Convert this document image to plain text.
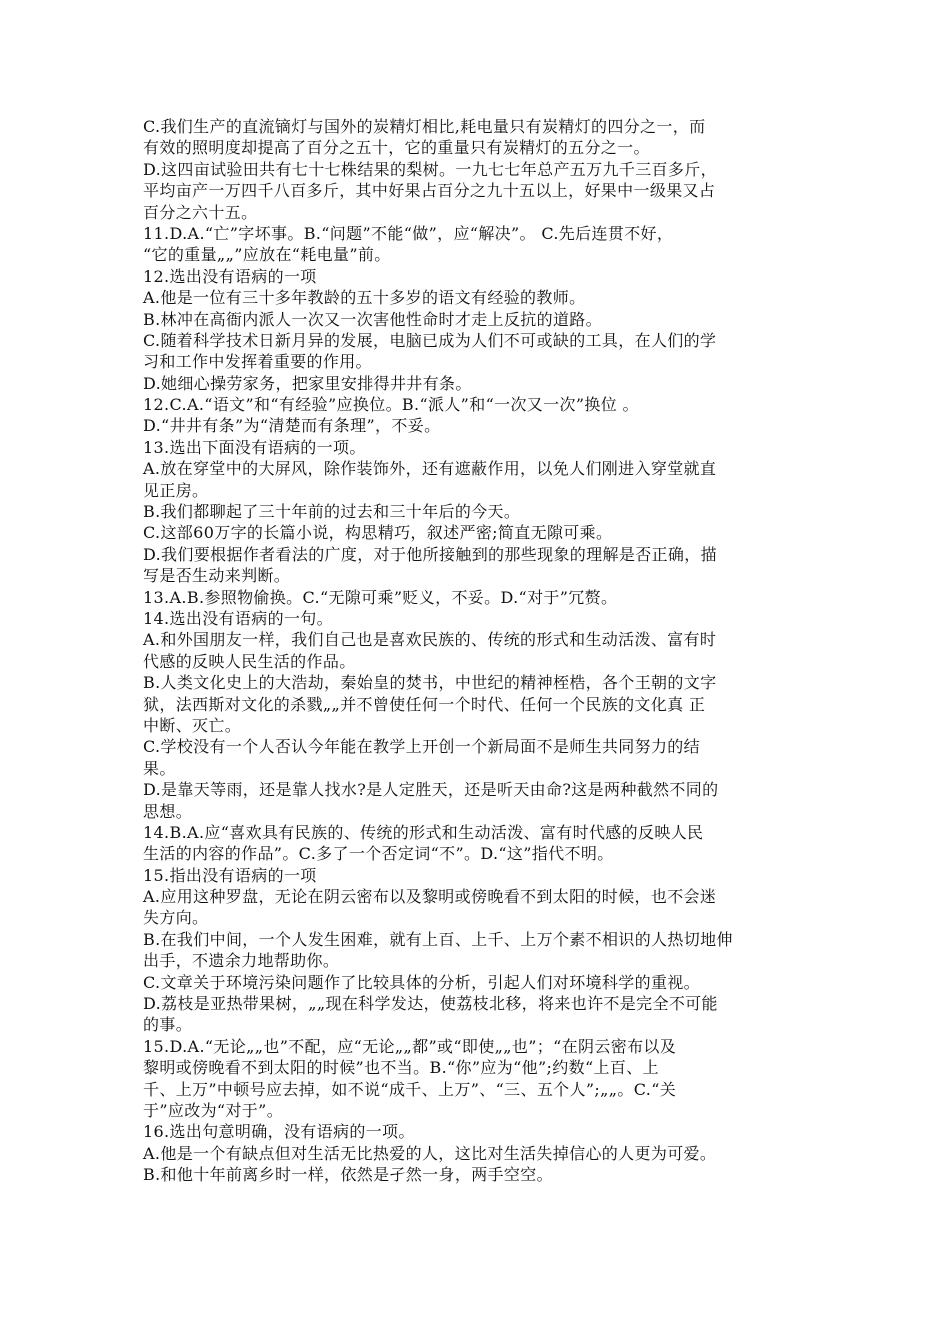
C.我们生产的直流镝灯与国外的炭精灯相比,耗电量只有炭精灯的四分之一，而
有效的照明度却提高了百分之五十，它的重量只有炭精灯的五分之一。
D.这四亩试验田共有七十七株结果的梨树。一九七七年总产五万九千三百多斤，
平均亩产一万四千八百多斤，其中好果占百分之九十五以上，好果中一级果又占
百分之六十五。
11.D.A.“亡”字坏事。B.“问题”不能“做”，应“解决”。 C.先后连贯不好，
“它的重量„„”应放在“耗电量”前。
12.选出没有语病的一项
A.他是一位有三十多年教龄的五十多岁的语文有经验的教师。
B.林冲在高衙内派人一次又一次害他性命时才走上反抗的道路。
C.随着科学技术日新月异的发展，电脑已成为人们不可或缺的工具，在人们的学
习和工作中发挥着重要的作用。
D.她细心操劳家务，把家里安排得井井有条。
12.C.A.“语文”和“有经验”应换位。B.“派人”和“一次又一次”换位 。
D.“井井有条”为“清楚而有条理”，不妥。
13.选出下面没有语病的一项。
A.放在穿堂中的大屏风，除作装饰外，还有遮蔽作用，以免人们刚进入穿堂就直
见正房。
B.我们都聊起了三十年前的过去和三十年后的今天。
C.这部60万字的长篇小说，构思精巧，叙述严密;简直无隙可乘。
D.我们要根据作者看法的广度，对于他所接触到的那些现象的理解是否正确，描
写是否生动来判断。
13.A.B.参照物偷换。C.“无隙可乘”贬义，不妥。D.“对于”冗赘。
14.选出没有语病的一句。
A.和外国朋友一样，我们自己也是喜欢民族的、传统的形式和生动活泼、富有时
代感的反映人民生活的作品。
B.人类文化史上的大浩劫，秦始皇的焚书，中世纪的精神桎梏，各个王朝的文字
狱，法西斯对文化的杀戮„„并不曾使任何一个时代、任何一个民族的文化真 正
中断、灭亡。
C.学校没有一个人否认今年能在教学上开创一个新局面不是师生共同努力的结
果。
D.是靠天等雨，还是靠人找水?是人定胜天，还是听天由命?这是两种截然不同的
思想。
14.B.A.应“喜欢具有民族的、传统的形式和生动活泼、富有时代感的反映人民
生活的内容的作品”。C.多了一个否定词“不”。D.“这”指代不明。
15.指出没有语病的一项
A.应用这种罗盘，无论在阴云密布以及黎明或傍晚看不到太阳的时候，也不会迷
失方向。
B.在我们中间，一个人发生困难，就有上百、上千、上万个素不相识的人热切地伸
出手，不遗余力地帮助你。
C.文章关于环境污染问题作了比较具体的分析，引起人们对环境科学的重视。
D.荔枝是亚热带果树，„„现在科学发达，使荔枝北移，将来也许不是完全不可能
的事。
15.D.A.“无论„„也”不配，应“无论„„都”或“即使„„也”；“在阴云密布以及
黎明或傍晚看不到太阳的时候”也不当。B.“你”应为“他”;约数“上百、上
千、上万”中顿号应去掉，如不说“成千、上万”、“三、五个人”;„„。C.“关
于”应改为“对于”。
16.选出句意明确，没有语病的一项。
A.他是一个有缺点但对生活无比热爱的人，这比对生活失掉信心的人更为可爱。
B.和他十年前离乡时一样，依然是孑然一身，两手空空。
